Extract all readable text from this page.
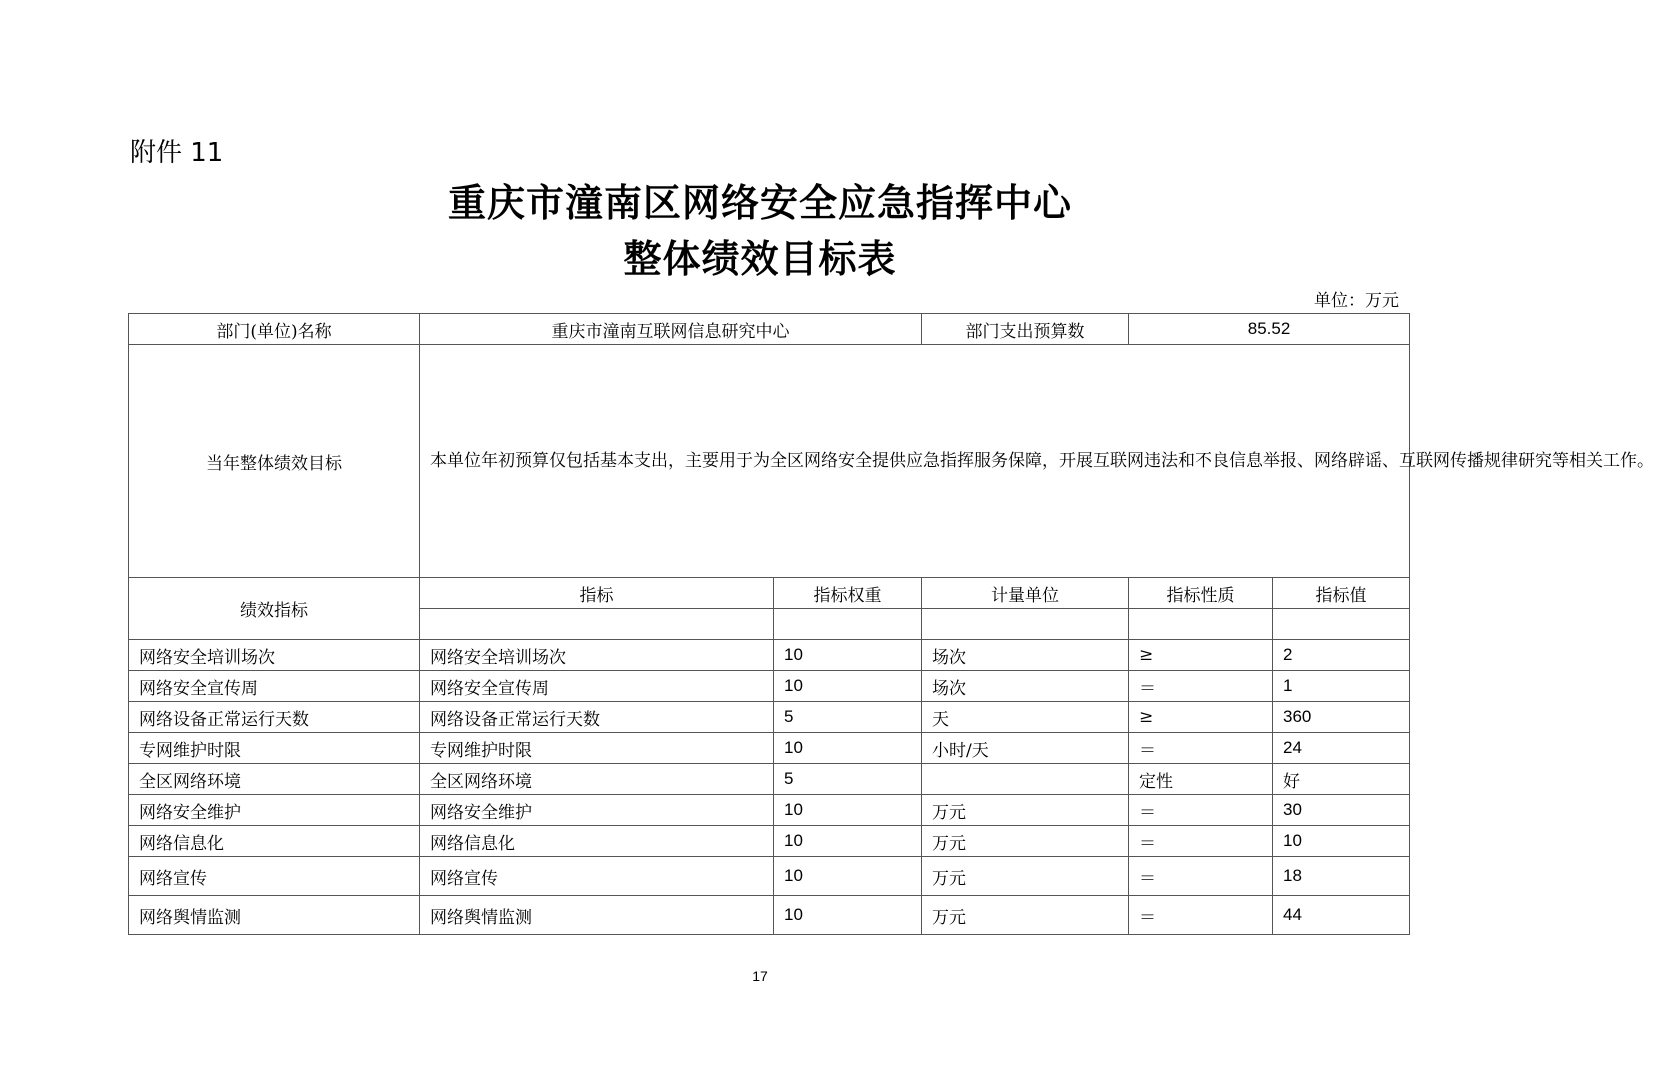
附件 11
重庆市潼南区网络安全应急指挥中心
整体绩效目标表
单位：万元
部门(单位)名称	重庆市潼南互联网信息研究中心		部门支出预算数	85.52	
当年整体绩效目标	本单位年初预算仅包括基本支出，主要用于为全区网络安全提供应急指挥服务保障，开展互联网违法和不良信息举报、网络辟谣、互联网传播规律研究等相关工作。				
绩效指标	指标	指标权重	计量单位	指标性质	指标值

网络安全培训场次	网络安全培训场次	10	场次	≥	2
网络安全宣传周	网络安全宣传周	10	场次	＝	1
网络设备正常运行天数	网络设备正常运行天数	5	天	≥	360
专网维护时限	专网维护时限	10	小时/天	＝	24
全区网络环境	全区网络环境	5		定性	好
网络安全维护	网络安全维护	10	万元	＝	30
网络信息化	网络信息化	10	万元	＝	10
网络宣传	网络宣传	10	万元	＝	18
网络舆情监测	网络舆情监测	10	万元	＝	44
17
